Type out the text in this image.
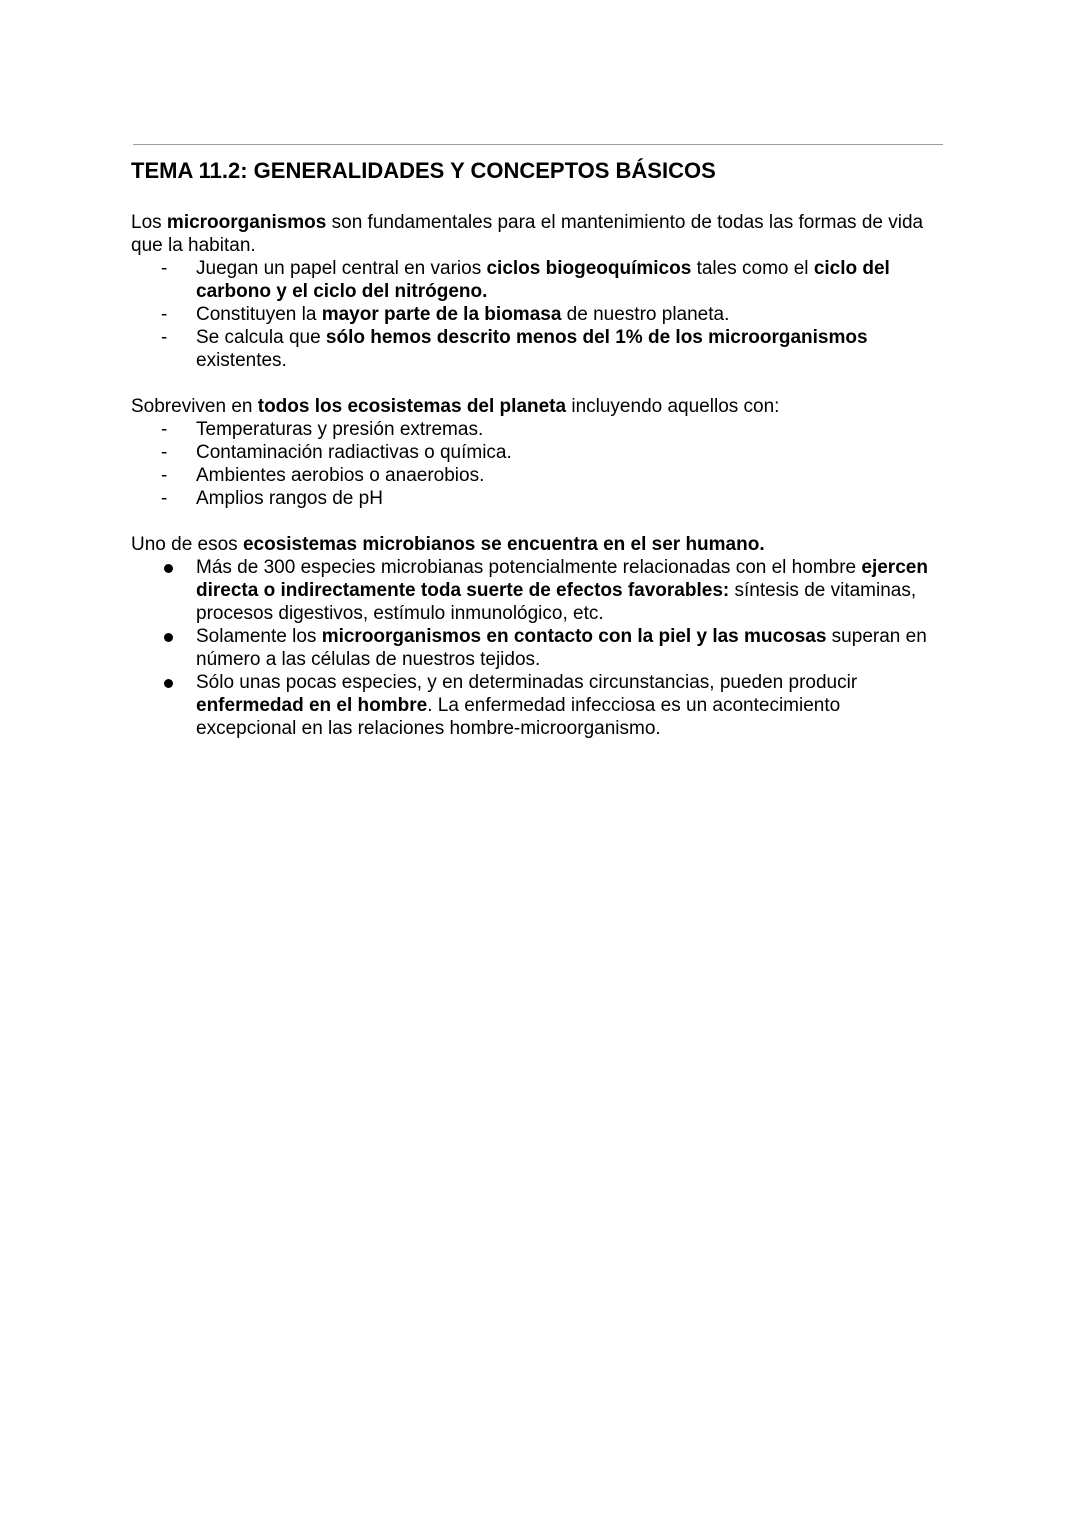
TEMA 11.2: GENERALIDADES Y CONCEPTOS BÁSICOS

Los microorganismos son fundamentales para el mantenimiento de todas las formas de vida que la habitan.

- Juegan un papel central en varios ciclos biogeoquímicos tales como el ciclo del carbono y el ciclo del nitrógeno.
- Constituyen la mayor parte de la biomasa de nuestro planeta.
- Se calcula que sólo hemos descrito menos del 1% de los microorganismos existentes.

Sobreviven en todos los ecosistemas del planeta incluyendo aquellos con:

- Temperaturas y presión extremas.
- Contaminación radiactivas o química.
- Ambientes aerobios o anaerobios.
- Amplios rangos de pH

Uno de esos ecosistemas microbianos se encuentra en el ser humano.

Más de 300 especies microbianas potencialmente relacionadas con el hombre ejercen directa o indirectamente toda suerte de efectos favorables: síntesis de vitaminas, procesos digestivos, estímulo inmunológico, etc.
Solamente los microorganismos en contacto con la piel y las mucosas superan en número a las células de nuestros tejidos.
Sólo unas pocas especies, y en determinadas circunstancias, pueden producir enfermedad en el hombre. La enfermedad infecciosa es un acontecimiento excepcional en las relaciones hombre-microorganismo.
